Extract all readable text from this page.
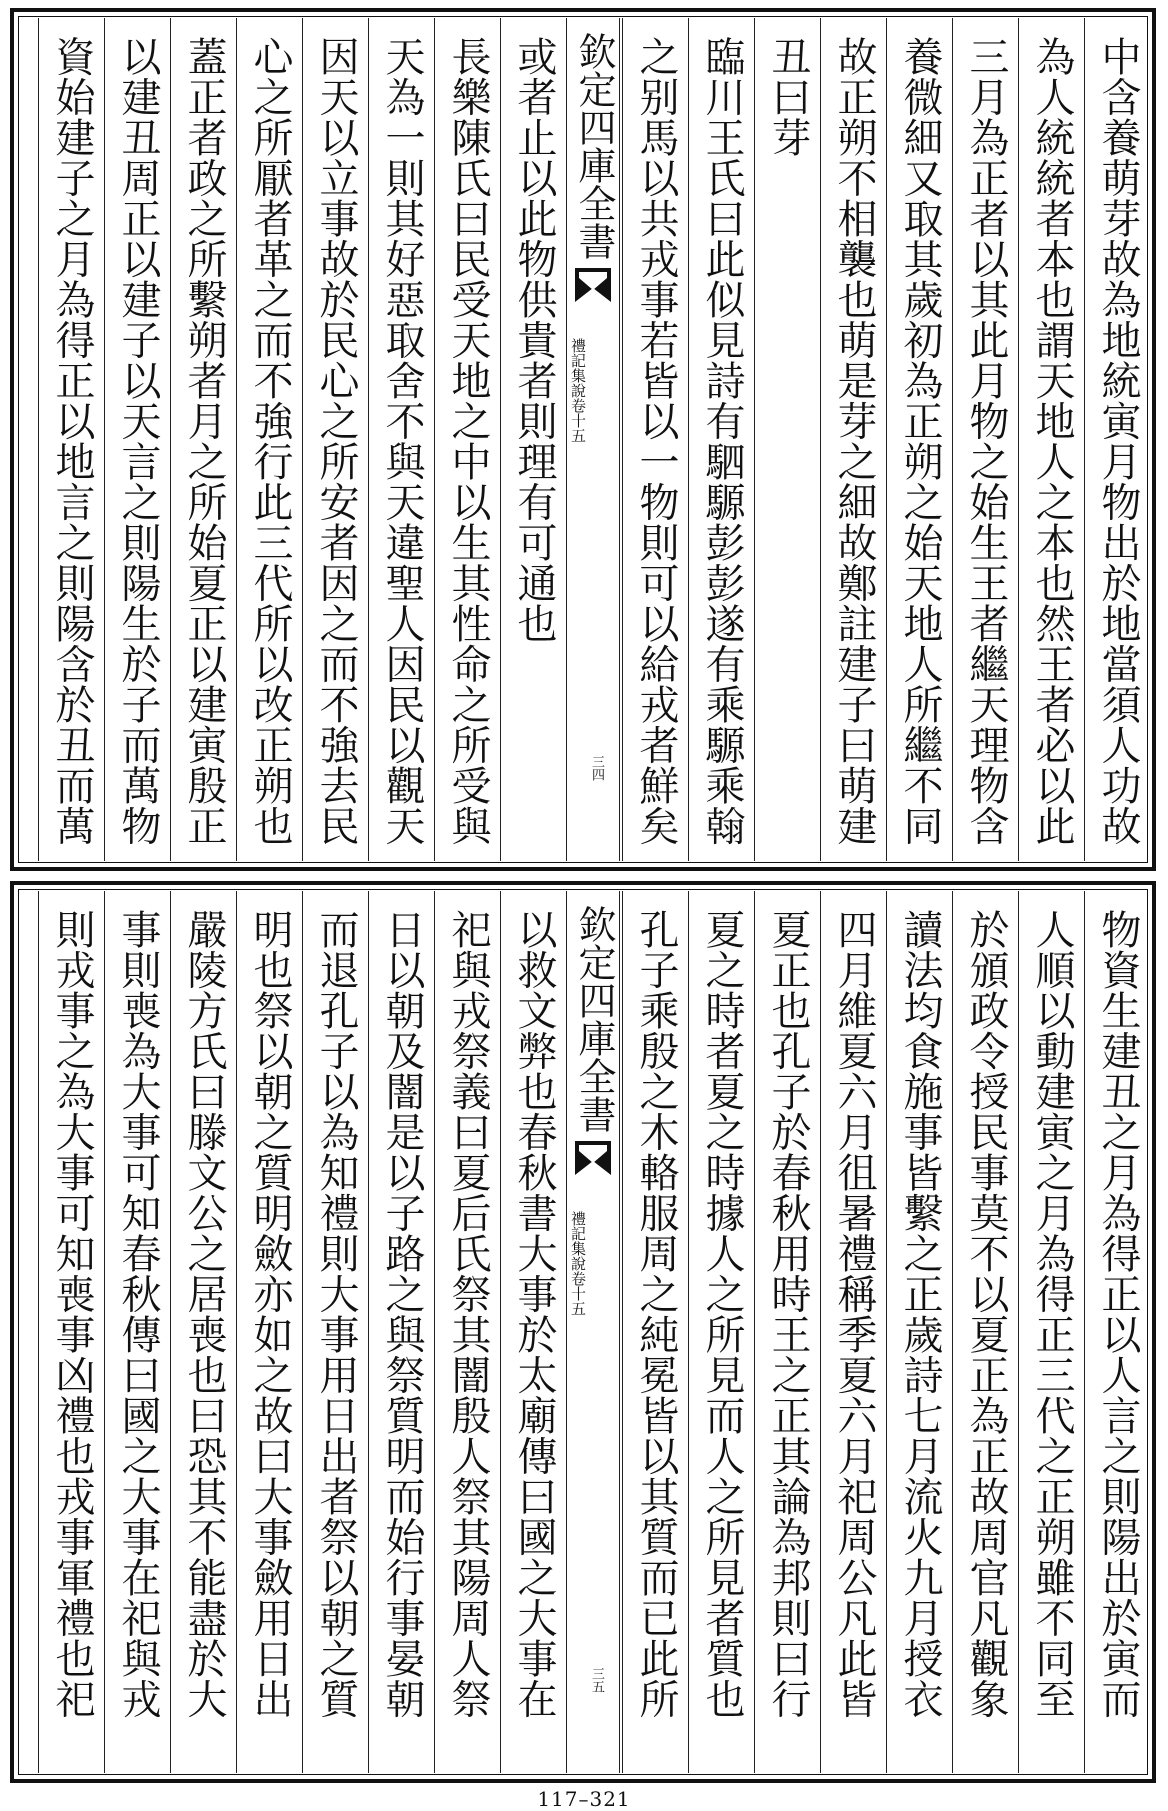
中含養萌芽故為地統寅月物出於地當須人功故
為人統統者本也謂天地人之本也然王者必以此
三月為正者以其此月物之始生王者繼天理物含
養微細又取其歲初為正朔之始天地人所繼不同
故正朔不相襲也萌是芽之細故鄭註建子曰萌建
丑曰芽
臨川王氏曰此似見詩有駟騵彭彭遂有乘騵乘翰
之别馬以共戎事若皆以一物則可以給戎者鮮矣
欽定四庫全書
禮記集說卷十五
三四
或者止以此物供貴者則理有可通也
長樂陳氏曰民受天地之中以生其性命之所受與
天為一則其好惡取舍不與天違聖人因民以觀天
因天以立事故於民心之所安者因之而不強去民
心之所厭者革之而不強行此三代所以改正朔也
蓋正者政之所繫朔者月之所始夏正以建寅殷正
以建丑周正以建子以天言之則陽生於子而萬物
資始建子之月為得正以地言之則陽含於丑而萬
物資生建丑之月為得正以人言之則陽出於寅而
人順以動建寅之月為得正三代之正朔雖不同至
於頒政令授民事莫不以夏正為正故周官凡觀象
讀法均食施事皆繫之正歲詩七月流火九月授衣
四月維夏六月徂暑禮稱季夏六月祀周公凡此皆
夏正也孔子於春秋用時王之正其論為邦則曰行
夏之時者夏之時據人之所見而人之所見者質也
孔子乘殷之木輅服周之純冕皆以其質而已此所
欽定四庫全書
禮記集說卷十五
三五
以救文弊也春秋書大事於太廟傳曰國之大事在
祀與戎祭義曰夏后氏祭其闇殷人祭其陽周人祭
日以朝及闇是以子路之與祭質明而始行事晏朝
而退孔子以為知禮則大事用日出者祭以朝之質
明也祭以朝之質明斂亦如之故曰大事斂用日出
嚴陵方氏曰滕文公之居喪也曰恐其不能盡於大
事則喪為大事可知春秋傳曰國之大事在祀與戎
則戎事之為大事可知喪事凶禮也戎事軍禮也祀
117–321
